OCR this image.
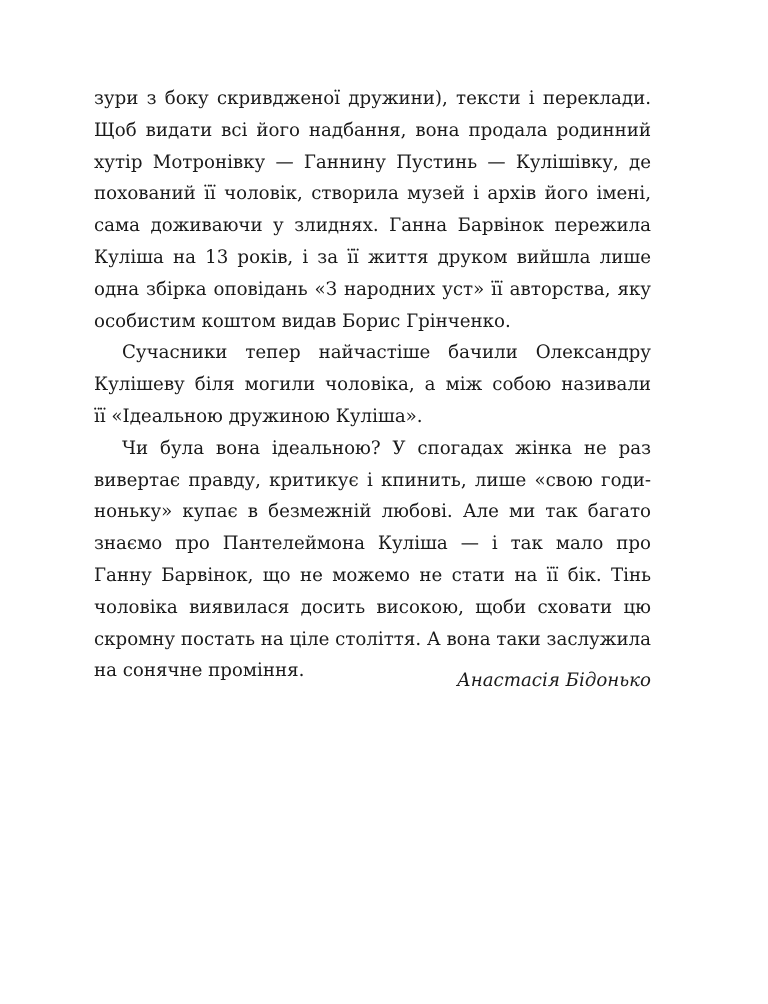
зури з боку скривдженої дружини), тексти і переклади.
Щоб видати всі його надбання, вона продала родинний
хутір Мотронівку — Ганнину Пустинь — Кулішівку, де
похований її чоловік, створила музей і архів його імені,
сама доживаючи у злиднях. Ганна Барвінок пережила
Куліша на 13 років, і за її життя друком вийшла лише
одна збірка оповідань «З народних уст» її авторства, яку
особистим коштом видав Борис Грінченко.
Сучасники тепер найчастіше бачили Олександру
Кулішеву біля могили чоловіка, а між собою називали
її «Ідеальною дружиною Куліша».
Чи була вона ідеальною? У спогадах жінка не раз
вивертає правду, критикує і кпинить, лише «свою годи-
ноньку» купає в безмежній любові. Але ми так багато
знаємо про Пантелеймона Куліша — і так мало про
Ганну Барвінок, що не можемо не стати на її бік. Тінь
чоловіка виявилася досить високою, щоби сховати цю
скромну постать на ціле століття. А вона таки заслужила
на сонячне проміння.	Анастасія Бідонько
